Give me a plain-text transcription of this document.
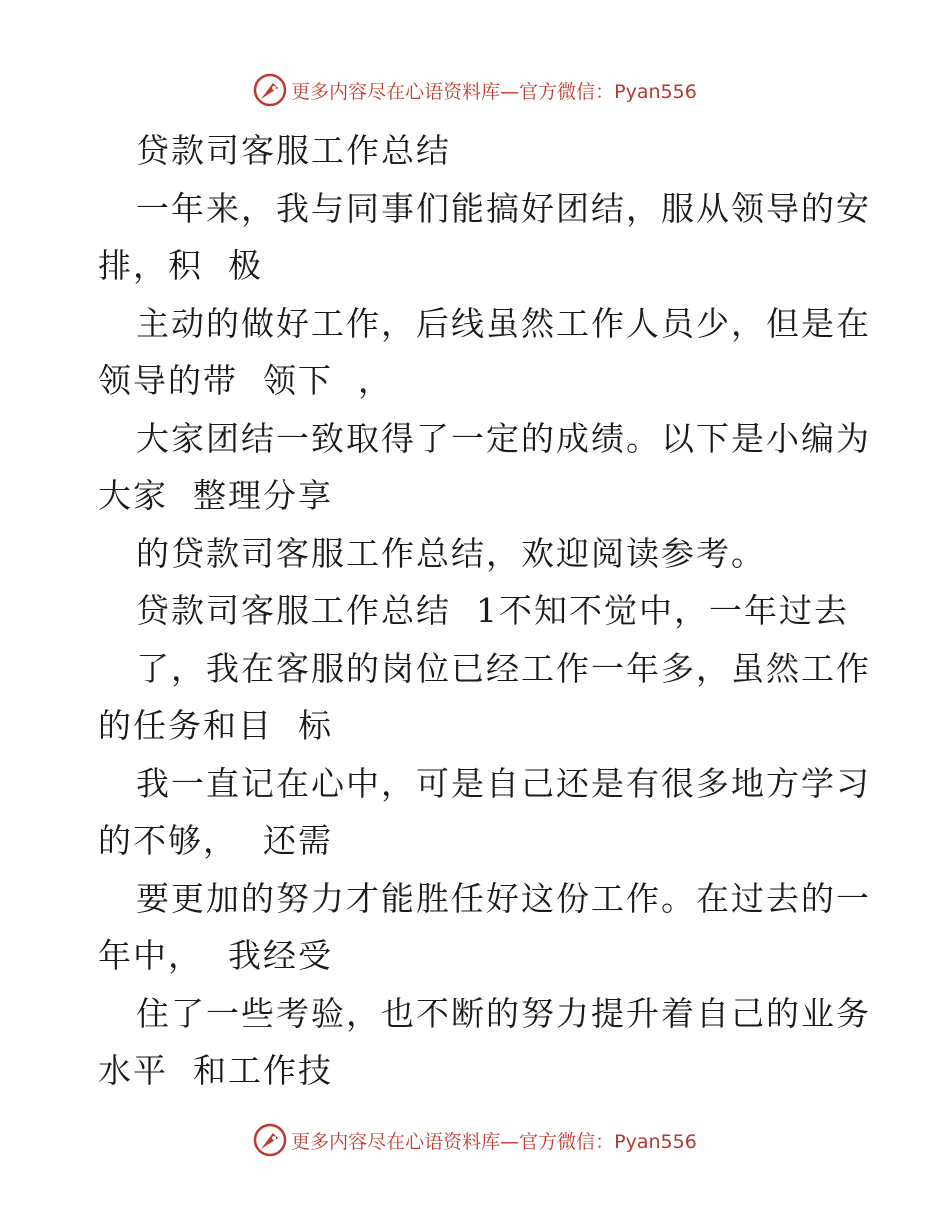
更多内容尽在心语资料库—官方微信：Pyan556
贷款司客服工作总结
一年来，我与同事们能搞好团结，服从领导的安
排，积  极
主动的做好工作，后线虽然工作人员少，但是在
领导的带  领下  ，
大家团结一致取得了一定的成绩。以下是小编为
大家  整理分享
的贷款司客服工作总结，欢迎阅读参考。
贷款司客服工作总结  1不知不觉中，一年过去
了，我在客服的岗位已经工作一年多，虽然工作
的任务和目  标
我一直记在心中，可是自己还是有很多地方学习
的不够，  还需
要更加的努力才能胜任好这份工作。在过去的一
年中，  我经受
住了一些考验，也不断的努力提升着自己的业务
水平  和工作技
更多内容尽在心语资料库—官方微信：Pyan556
